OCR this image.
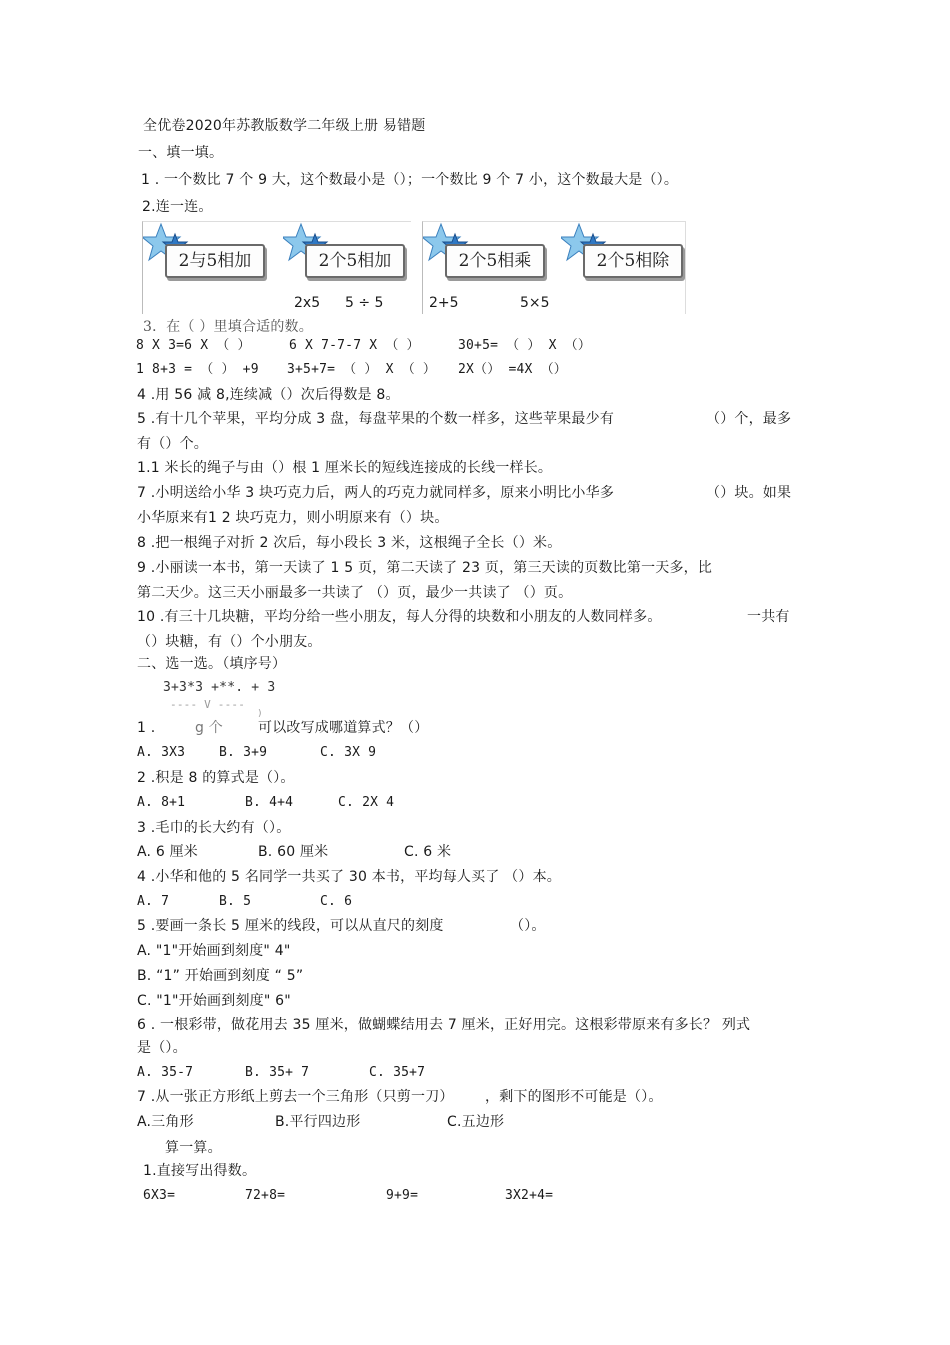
全优卷2020年苏教版数学二年级上册 易错题
一、填一填。
1 . 一个数比 7 个 9 大，这个数最小是（）；一个数比 9 个 7 小，这个数最大是（）。
2.连一连。
2与5相加	2个5相加	2个5相乘	2个5相除
2x5 5 ÷ 5	2+5	5×5
3．在（ ）里填合适的数。
8 X 3=6 X （ ）	6 X 7-7-7 X （ ）	30+5= （ ） X （）
1 8+3 = （ ） +9 3+5+7= （ ） X （ ） 2X（） =4X （）
4 .用 56 减 8,连续减（）次后得数是 8。
5 .有十几个苹果，平均分成 3 盘，每盘苹果的个数一样多，这些苹果最少有	（）个，最多
有（）个。
1.1 米长的绳子与由（）根 1 厘米长的短线连接成的长线一样长。
7 .小明送给小华 3 块巧克力后，两人的巧克力就同样多，原来小明比小华多	（）块。如果
小华原来有1 2 块巧克力，则小明原来有（）块。
8 .把一根绳子对折 2 次后，每小段长 3 米，这根绳子全长（）米。
9 .小丽读一本书，第一天读了 1 5 页，第二天读了 23 页，第三天读的页数比第一天多，比
第二天少。这三天小丽最多一共读了 （）页，最少一共读了 （）页。
10 .有三十几块糖，平均分给一些小朋友，每人分得的块数和小朋友的人数同样多。	一共有
（）块糖，有（）个小朋友。
二、选一选。（填序号）
3+3*3 +**. + 3
---- V ----
)
1 .	g 个	可以改写成哪道算式？（）
A. 3X3	B. 3+9	C. 3X 9
2 .积是 8 的算式是（）。
A. 8+1	B. 4+4	C. 2X 4
3 .毛巾的长大约有（）。
A. 6 厘米	B. 60 厘米	C. 6 米
4 .小华和他的 5 名同学一共买了 30 本书，平均每人买了 （）本。
A. 7	B. 5	C. 6
5 .要画一条长 5 厘米的线段，可以从直尺的刻度	（）。
A. "1"开始画到刻度" 4"
B. “1” 开始画到刻度 “ 5”
C. "1"开始画到刻度" 6"
6 . 一根彩带，做花用去 35 厘米，做蝴蝶结用去 7 厘米，正好用完。这根彩带原来有多长？ 列式
是（）。
A. 35-7	B. 35+ 7	C. 35+7
7 .从一张正方形纸上剪去一个三角形（只剪一刀） ，剩下的图形不可能是（）。
A.三角形	B.平行四边形	C.五边形
算一算。
1.直接写出得数。
6X3=	72+8=	9+9=	3X2+4=
